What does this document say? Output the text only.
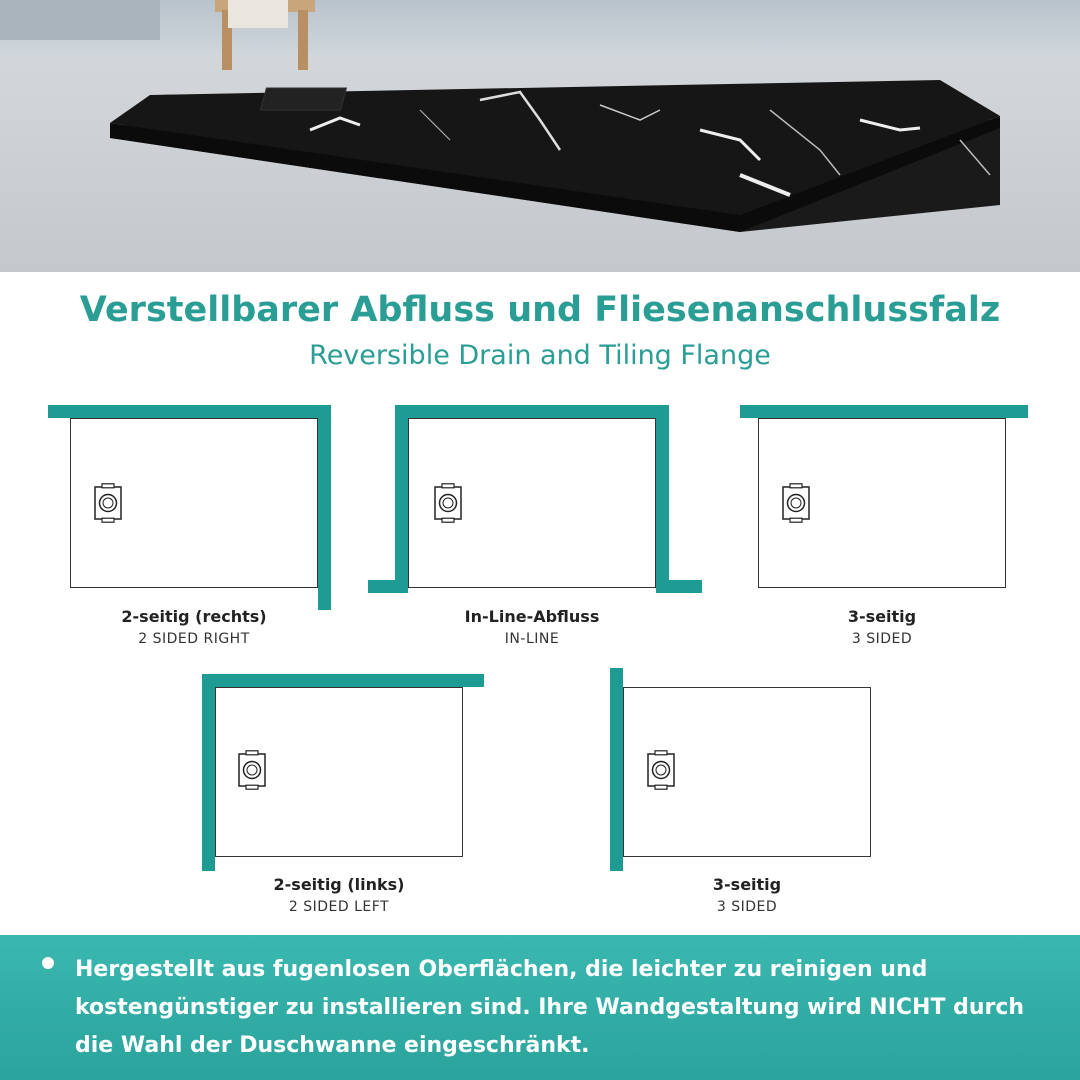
Verstellbarer Abfluss und Fliesenanschlussfalz
Reversible Drain and Tiling Flange
2-seitig (rechts)
2 SIDED RIGHT
In-Line-Abfluss
IN-LINE
3-seitig
3 SIDED
2-seitig (links)
2 SIDED LEFT
3-seitig
3 SIDED
Hergestellt aus fugenlosen Oberflächen, die leichter zu reinigen und kostengünstiger zu installieren sind. Ihre Wandgestaltung wird NICHT durch die Wahl der Duschwanne eingeschränkt.
